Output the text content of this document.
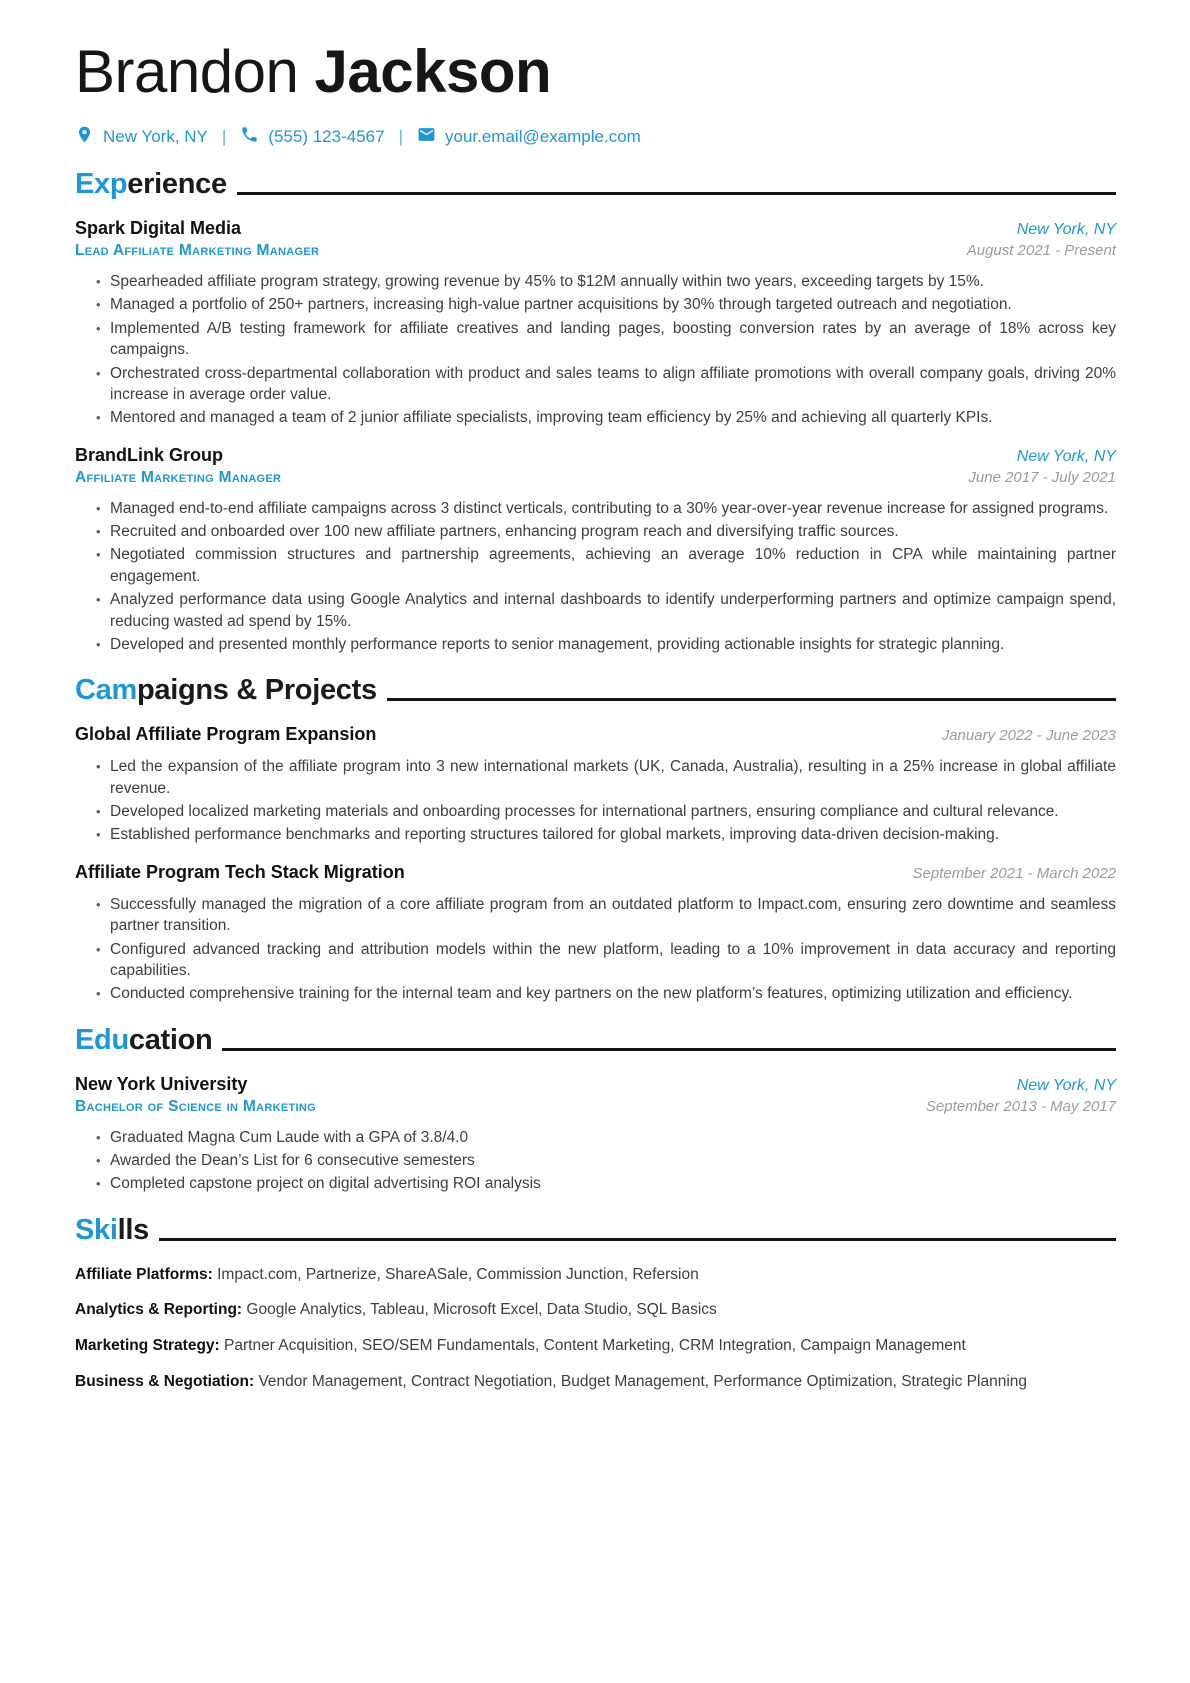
Brandon Jackson
New York, NY | (555) 123-4567 | your.email@example.com
Experience
Spark Digital Media	New York, NY
Lead Affiliate Marketing Manager	August 2021 - Present
• Spearheaded affiliate program strategy, growing revenue by 45% to $12M annually within two years, exceeding targets by 15%.
• Managed a portfolio of 250+ partners, increasing high-value partner acquisitions by 30% through targeted outreach and negotiation.
• Implemented A/B testing framework for affiliate creatives and landing pages, boosting conversion rates by an average of 18% across key campaigns.
• Orchestrated cross-departmental collaboration with product and sales teams to align affiliate promotions with overall company goals, driving 20% increase in average order value.
• Mentored and managed a team of 2 junior affiliate specialists, improving team efficiency by 25% and achieving all quarterly KPIs.
BrandLink Group	New York, NY
Affiliate Marketing Manager	June 2017 - July 2021
• Managed end-to-end affiliate campaigns across 3 distinct verticals, contributing to a 30% year-over-year revenue increase for assigned programs.
• Recruited and onboarded over 100 new affiliate partners, enhancing program reach and diversifying traffic sources.
• Negotiated commission structures and partnership agreements, achieving an average 10% reduction in CPA while maintaining partner engagement.
• Analyzed performance data using Google Analytics and internal dashboards to identify underperforming partners and optimize campaign spend, reducing wasted ad spend by 15%.
• Developed and presented monthly performance reports to senior management, providing actionable insights for strategic planning.
Campaigns & Projects
Global Affiliate Program Expansion	January 2022 - June 2023
• Led the expansion of the affiliate program into 3 new international markets (UK, Canada, Australia), resulting in a 25% increase in global affiliate revenue.
• Developed localized marketing materials and onboarding processes for international partners, ensuring compliance and cultural relevance.
• Established performance benchmarks and reporting structures tailored for global markets, improving data-driven decision-making.
Affiliate Program Tech Stack Migration	September 2021 - March 2022
• Successfully managed the migration of a core affiliate program from an outdated platform to Impact.com, ensuring zero downtime and seamless partner transition.
• Configured advanced tracking and attribution models within the new platform, leading to a 10% improvement in data accuracy and reporting capabilities.
• Conducted comprehensive training for the internal team and key partners on the new platform’s features, optimizing utilization and efficiency.
Education
New York University	New York, NY
Bachelor of Science in Marketing	September 2013 - May 2017
• Graduated Magna Cum Laude with a GPA of 3.8/4.0
• Awarded the Dean’s List for 6 consecutive semesters
• Completed capstone project on digital advertising ROI analysis
Skills

Affiliate Platforms: Impact.com, Partnerize, ShareASale, Commission Junction, Refersion

Analytics & Reporting: Google Analytics, Tableau, Microsoft Excel, Data Studio, SQL Basics

Marketing Strategy: Partner Acquisition, SEO/SEM Fundamentals, Content Marketing, CRM Integration, Campaign Management

Business & Negotiation: Vendor Management, Contract Negotiation, Budget Management, Performance Optimization, Strategic Planning
